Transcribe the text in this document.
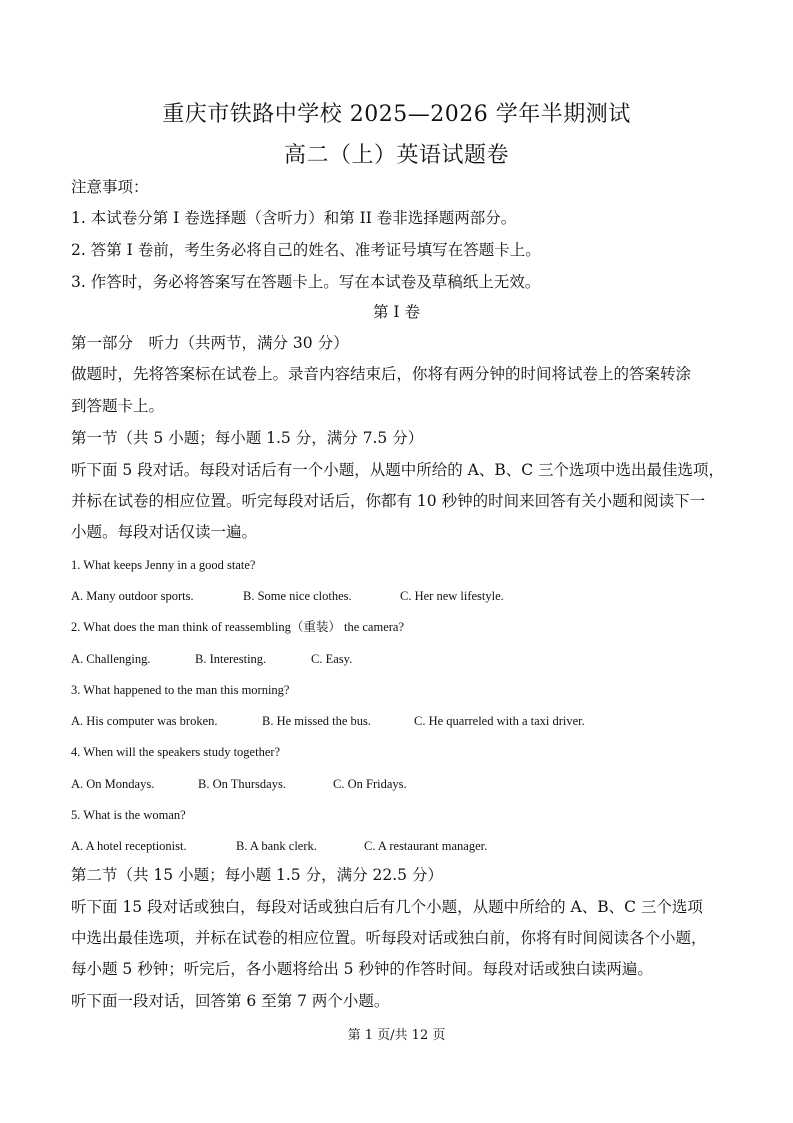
重庆市铁路中学校 2025—2026 学年半期测试
高二（上）英语试题卷
注意事项：
1. 本试卷分第 I 卷选择题（含听力）和第 II 卷非选择题两部分。
2. 答第 I 卷前，考生务必将自己的姓名、准考证号填写在答题卡上。
3. 作答时，务必将答案写在答题卡上。写在本试卷及草稿纸上无效。
第 I 卷
第一部分　听力（共两节，满分 30 分）
做题时，先将答案标在试卷上。录音内容结束后，你将有两分钟的时间将试卷上的答案转涂
到答题卡上。
第一节（共 5 小题；每小题 1.5 分，满分 7.5 分）
听下面 5 段对话。每段对话后有一个小题，从题中所给的 A、B、C 三个选项中选出最佳选项，
并标在试卷的相应位置。听完每段对话后，你都有 10 秒钟的时间来回答有关小题和阅读下一
小题。每段对话仅读一遍。
1. What keeps Jenny in a good state?
A. Many outdoor sports.	B. Some nice clothes.	C. Her new lifestyle.
2. What does the man think of reassembling（重装） the camera?
A. Challenging.	B. Interesting.	C. Easy.
3. What happened to the man this morning?
A. His computer was broken.	B. He missed the bus.	C. He quarreled with a taxi driver.
4. When will the speakers study together?
A. On Mondays.	B. On Thursdays.	C. On Fridays.
5. What is the woman?
A. A hotel receptionist.	B. A bank clerk.	C. A restaurant manager.
第二节（共 15 小题；每小题 1.5 分，满分 22.5 分）
听下面 15 段对话或独白，每段对话或独白后有几个小题，从题中所给的 A、B、C 三个选项
中选出最佳选项，并标在试卷的相应位置。听每段对话或独白前，你将有时间阅读各个小题，
每小题 5 秒钟；听完后，各小题将给出 5 秒钟的作答时间。每段对话或独白读两遍。
听下面一段对话，回答第 6 至第 7 两个小题。
第 1 页/共 12 页
